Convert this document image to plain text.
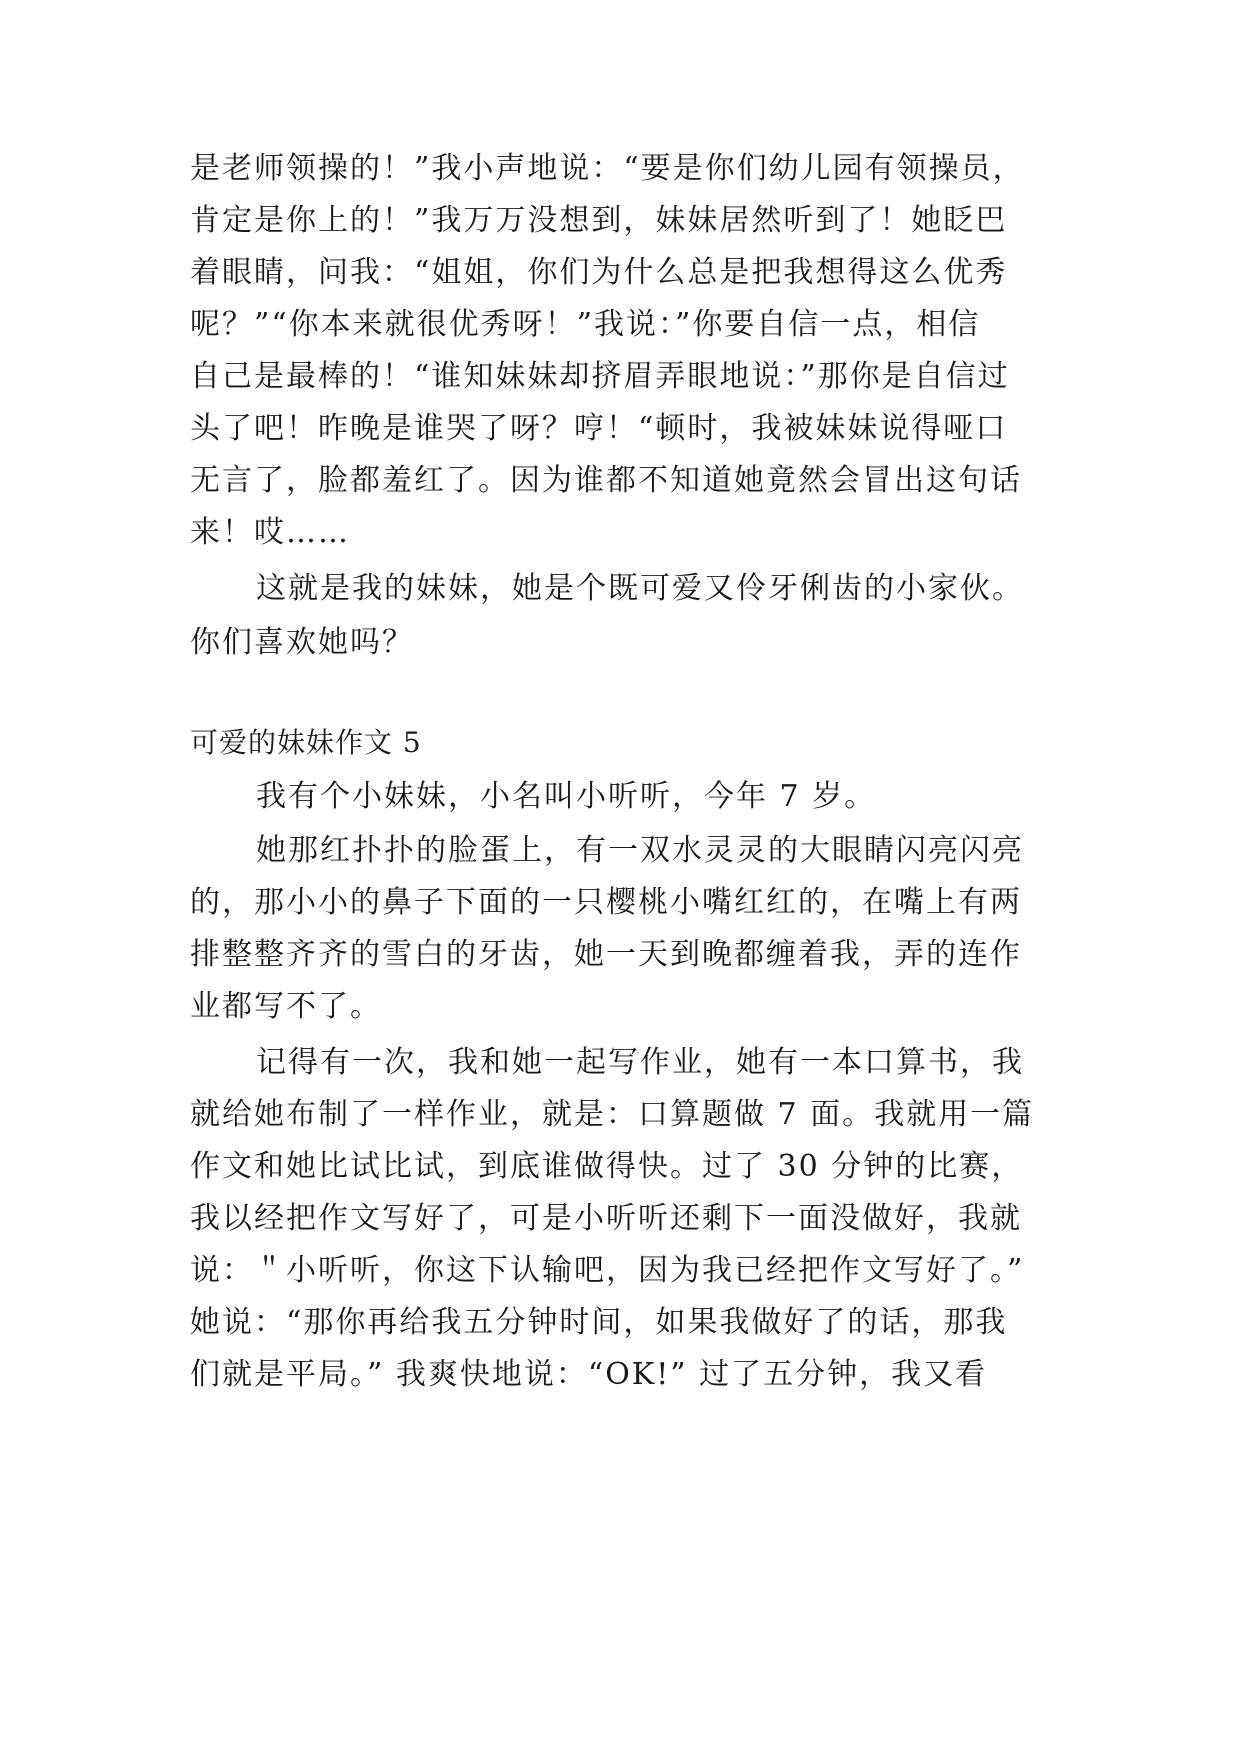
是老师领操的！”我小声地说：“要是你们幼儿园有领操员，
肯定是你上的！”我万万没想到，妹妹居然听到了！她眨巴
着眼睛，问我：“姐姐，你们为什么总是把我想得这么优秀
呢？”“你本来就很优秀呀！”我说：”你要自信一点，相信
自己是最棒的！“谁知妹妹却挤眉弄眼地说：”那你是自信过
头了吧！昨晚是谁哭了呀？哼！“顿时，我被妹妹说得哑口
无言了，脸都羞红了。因为谁都不知道她竟然会冒出这句话
来！哎……
这就是我的妹妹，她是个既可爱又伶牙俐齿的小家伙。
你们喜欢她吗？
可爱的妹妹作文 5
我有个小妹妹，小名叫小听听，今年 7 岁。
她那红扑扑的脸蛋上，有一双水灵灵的大眼睛闪亮闪亮
的，那小小的鼻子下面的一只樱桃小嘴红红的，在嘴上有两
排整整齐齐的雪白的牙齿，她一天到晚都缠着我，弄的连作
业都写不了。
记得有一次，我和她一起写作业，她有一本口算书，我
就给她布制了一样作业，就是：口算题做 7 面。我就用一篇
作文和她比试比试，到底谁做得快。过了 30 分钟的比赛，
我以经把作文写好了，可是小听听还剩下一面没做好，我就
说：＂小听听，你这下认输吧，因为我已经把作文写好了。”
她说：“那你再给我五分钟时间，如果我做好了的话，那我
们就是平局。” 我爽快地说：“OK!” 过了五分钟，我又看
